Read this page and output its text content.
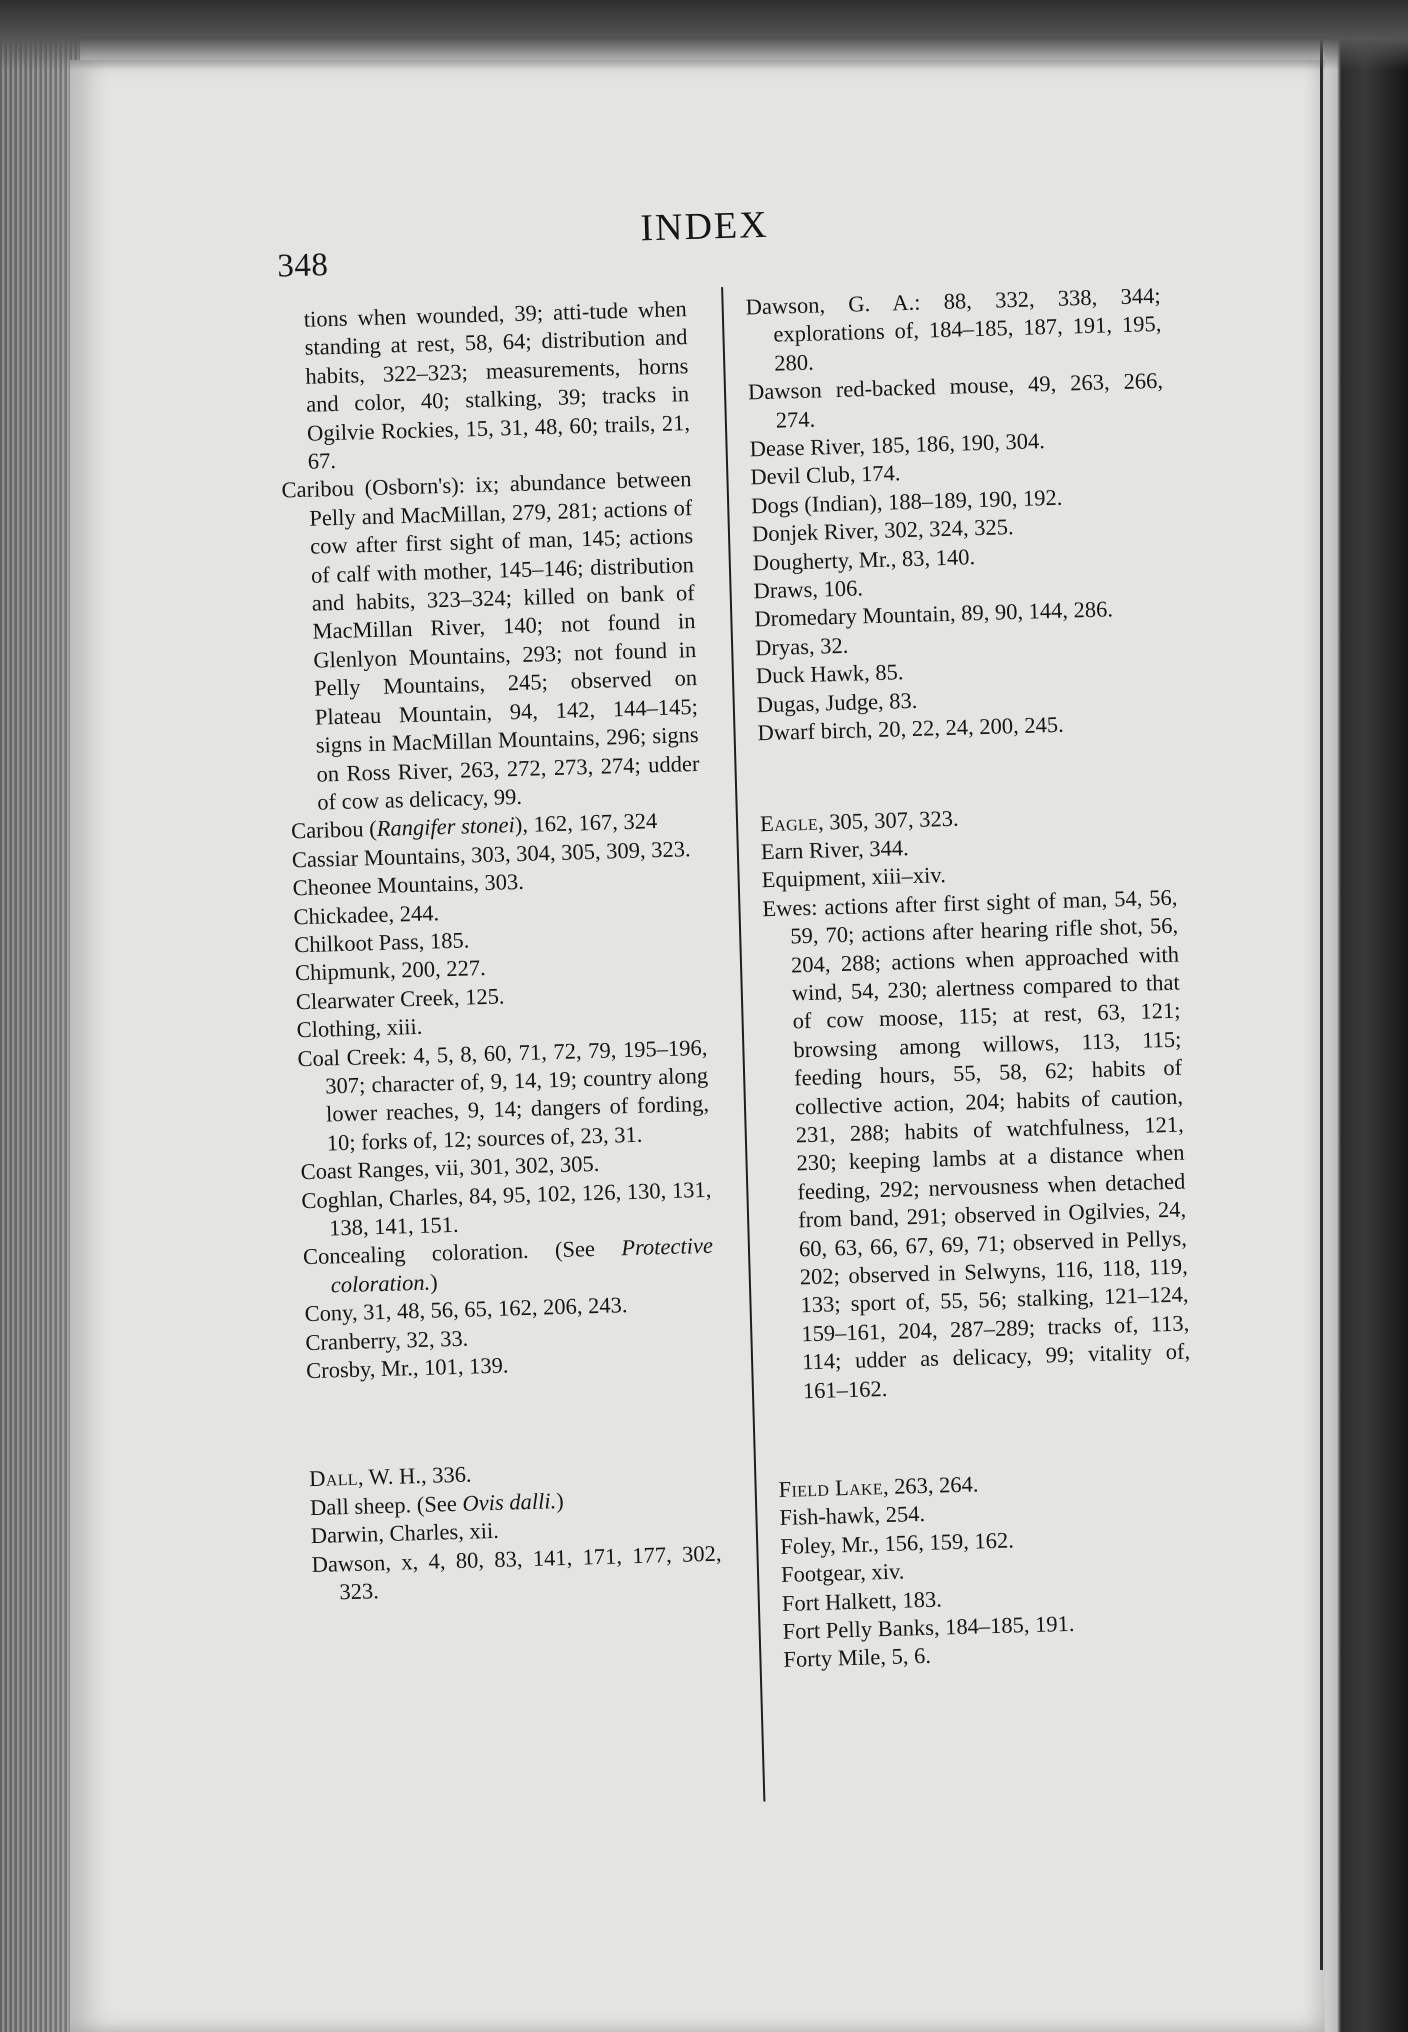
348
INDEX

tions when wounded, 39; atti-tude when standing at rest, 58, 64; distribution and habits, 322–323; measurements, horns and color, 40; stalking, 39; tracks in Ogilvie Rockies, 15, 31, 48, 60; trails, 21, 67.

Caribou (Osborn's): ix; abundance between Pelly and MacMillan, 279, 281; actions of cow after first sight of man, 145; actions of calf with mother, 145–146; distribution and habits, 323–324; killed on bank of MacMillan River, 140; not found in Glenlyon Mountains, 293; not found in Pelly Mountains, 245; observed on Plateau Mountain, 94, 142, 144–145; signs in MacMillan Mountains, 296; signs on Ross River, 263, 272, 273, 274; udder of cow as delicacy, 99.

Caribou (Rangifer stonei), 162, 167, 324

Cassiar Mountains, 303, 304, 305, 309, 323.

Cheonee Mountains, 303.

Chickadee, 244.

Chilkoot Pass, 185.

Chipmunk, 200, 227.

Clearwater Creek, 125.

Clothing, xiii.

Coal Creek: 4, 5, 8, 60, 71, 72, 79, 195–196, 307; character of, 9, 14, 19; country along lower reaches, 9, 14; dangers of fording, 10; forks of, 12; sources of, 23, 31.

Coast Ranges, vii, 301, 302, 305.

Coghlan, Charles, 84, 95, 102, 126, 130, 131, 138, 141, 151.

Concealing coloration. (See Protective coloration.)

Cony, 31, 48, 56, 65, 162, 206, 243.

Cranberry, 32, 33.

Crosby, Mr., 101, 139.

Dall, W. H., 336.

Dall sheep. (See Ovis dalli.)

Darwin, Charles, xii.

Dawson, x, 4, 80, 83, 141, 171, 177, 302, 323.

Dawson, G. A.: 88, 332, 338, 344; explorations of, 184–185, 187, 191, 195, 280.

Dawson red-backed mouse, 49, 263, 266, 274.

Dease River, 185, 186, 190, 304.

Devil Club, 174.

Dogs (Indian), 188–189, 190, 192.

Donjek River, 302, 324, 325.

Dougherty, Mr., 83, 140.

Draws, 106.

Dromedary Mountain, 89, 90, 144, 286.

Dryas, 32.

Duck Hawk, 85.

Dugas, Judge, 83.

Dwarf birch, 20, 22, 24, 200, 245.

Eagle, 305, 307, 323.

Earn River, 344.

Equipment, xiii–xiv.

Ewes: actions after first sight of man, 54, 56, 59, 70; actions after hearing rifle shot, 56, 204, 288; actions when approached with wind, 54, 230; alertness compared to that of cow moose, 115; at rest, 63, 121; browsing among willows, 113, 115; feeding hours, 55, 58, 62; habits of collective action, 204; habits of caution, 231, 288; habits of watchfulness, 121, 230; keeping lambs at a distance when feeding, 292; nervousness when detached from band, 291; observed in Ogilvies, 24, 60, 63, 66, 67, 69, 71; observed in Pellys, 202; observed in Selwyns, 116, 118, 119, 133; sport of, 55, 56; stalking, 121–124, 159–161, 204, 287–289; tracks of, 113, 114; udder as delicacy, 99; vitality of, 161–162.

Field Lake, 263, 264.

Fish-hawk, 254.

Foley, Mr., 156, 159, 162.

Footgear, xiv.

Fort Halkett, 183.

Fort Pelly Banks, 184–185, 191.

Forty Mile, 5, 6.
